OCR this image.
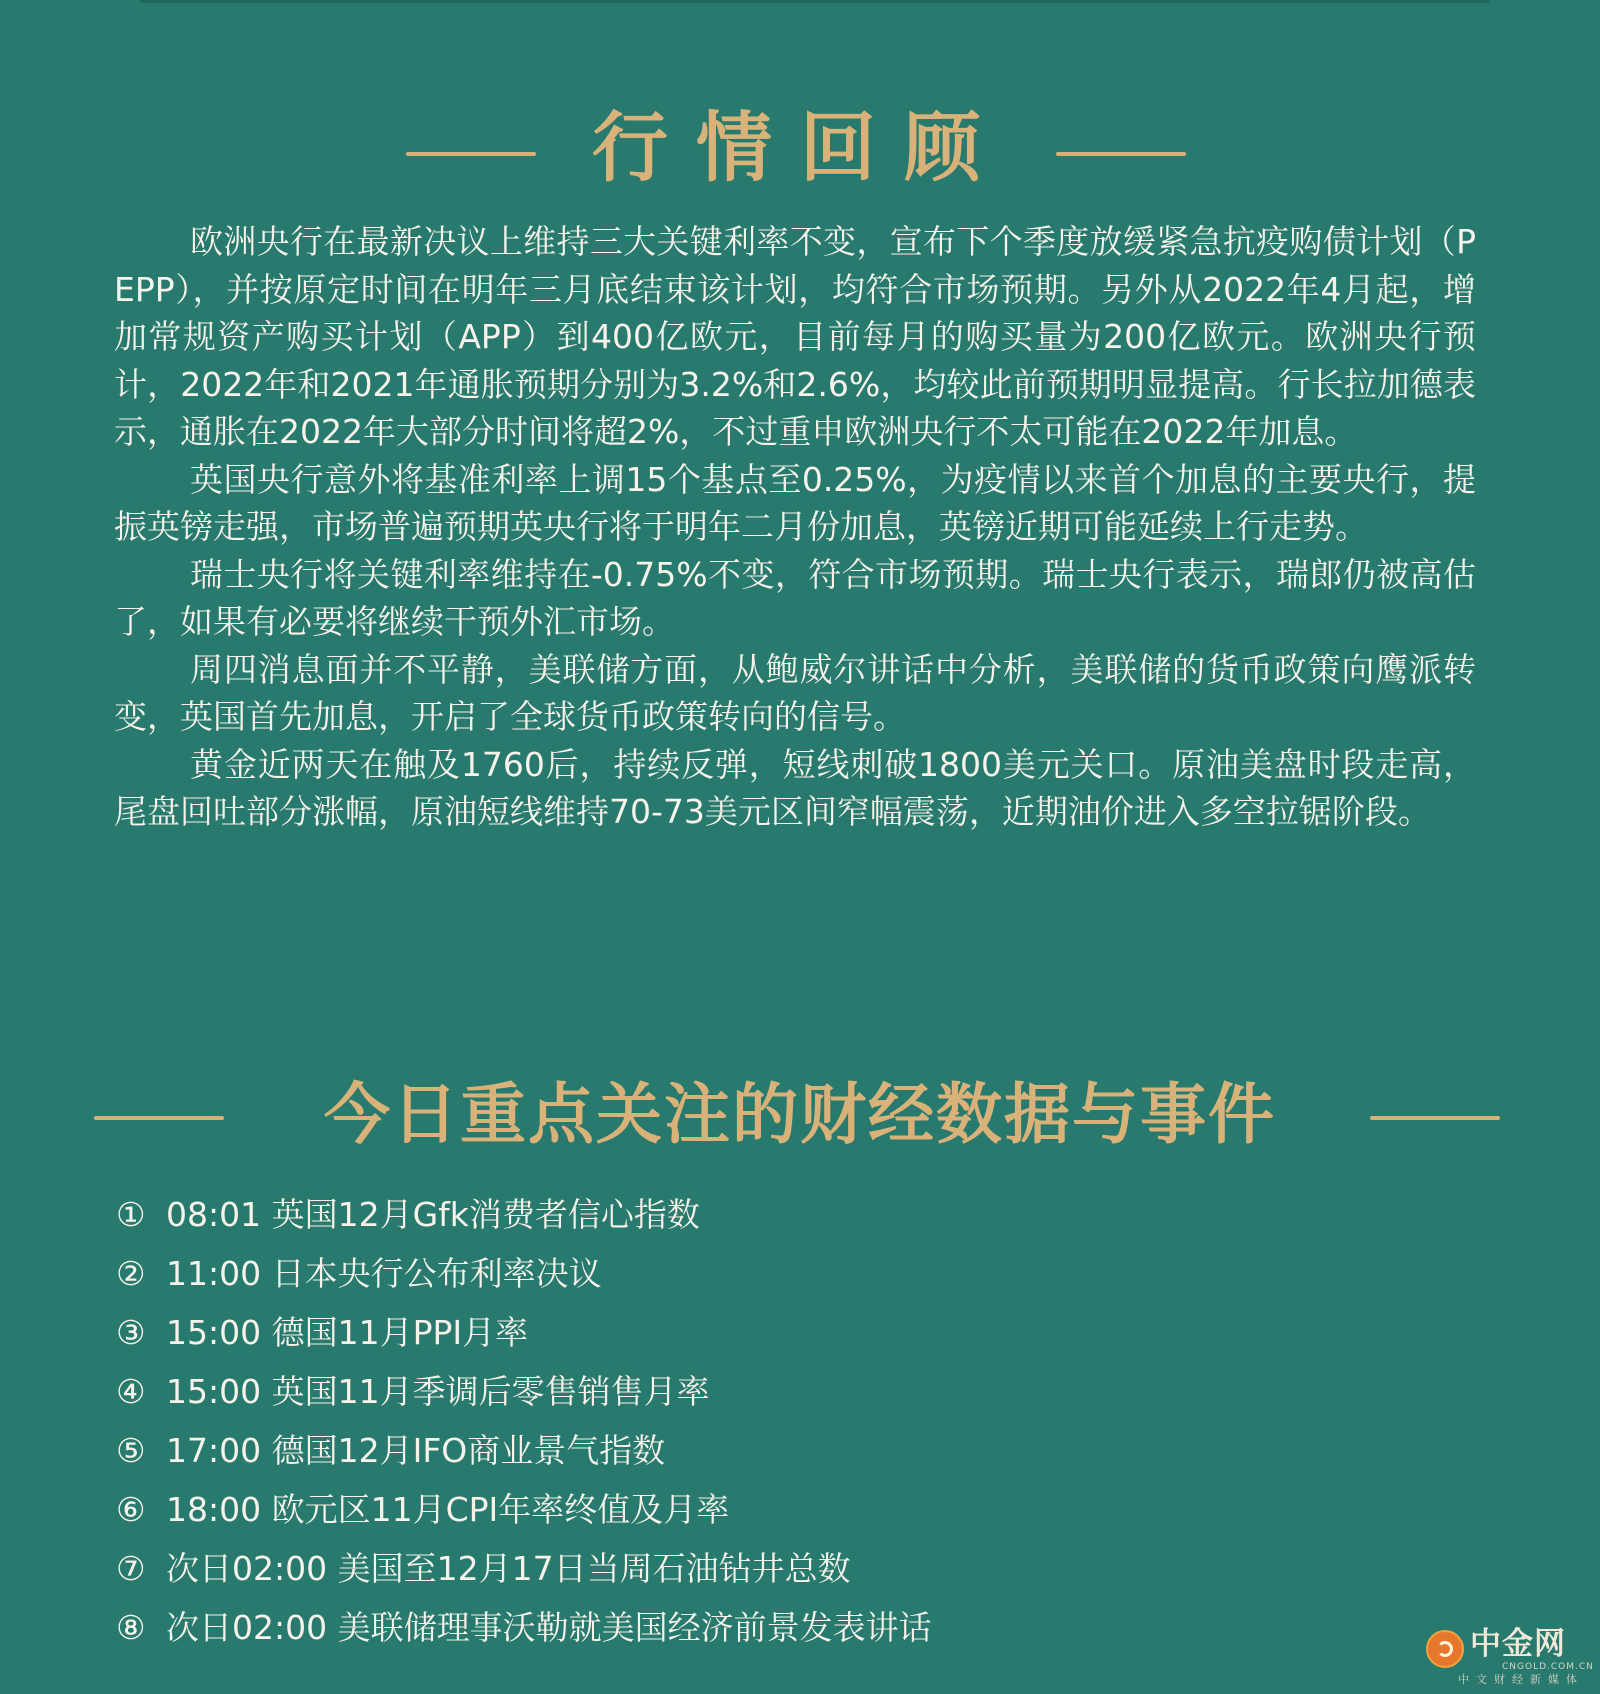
行情回顾

欧洲央行在最新决议上维持三大关键利率不变，宣布下个季度放缓紧急抗疫购债计划（PEPP），并按原定时间在明年三月底结束该计划，均符合市场预期。另外从2022年4月起，增加常规资产购买计划（APP）到400亿欧元，目前每月的购买量为200亿欧元。欧洲央行预计，2022年和2021年通胀预期分别为3.2%和2.6%，均较此前预期明显提高。行长拉加德表示，通胀在2022年大部分时间将超2%，不过重申欧洲央行不太可能在2022年加息。

英国央行意外将基准利率上调15个基点至0.25%，为疫情以来首个加息的主要央行，提振英镑走强，市场普遍预期英央行将于明年二月份加息，英镑近期可能延续上行走势。

瑞士央行将关键利率维持在-0.75%不变，符合市场预期。瑞士央行表示，瑞郎仍被高估了，如果有必要将继续干预外汇市场。

周四消息面并不平静，美联储方面，从鲍威尔讲话中分析，美联储的货币政策向鹰派转变，英国首先加息，开启了全球货币政策转向的信号。

黄金近两天在触及1760后，持续反弹，短线刺破1800美元关口。原油美盘时段走高，尾盘回吐部分涨幅，原油短线维持70-73美元区间窄幅震荡，近期油价进入多空拉锯阶段。

今日重点关注的财经数据与事件
① 08:01 英国12月Gfk消费者信心指数
② 11:00 日本央行公布利率决议
③ 15:00 德国11月PPI月率
④ 15:00 英国11月季调后零售销售月率
⑤ 17:00 德国12月IFO商业景气指数
⑥ 18:00 欧元区11月CPI年率终值及月率
⑦ 次日02:00 美国至12月17日当周石油钻井总数
⑧ 次日02:00 美联储理事沃勒就美国经济前景发表讲话	中金网
CNGOLD.COM.CN
中文财经新媒体
